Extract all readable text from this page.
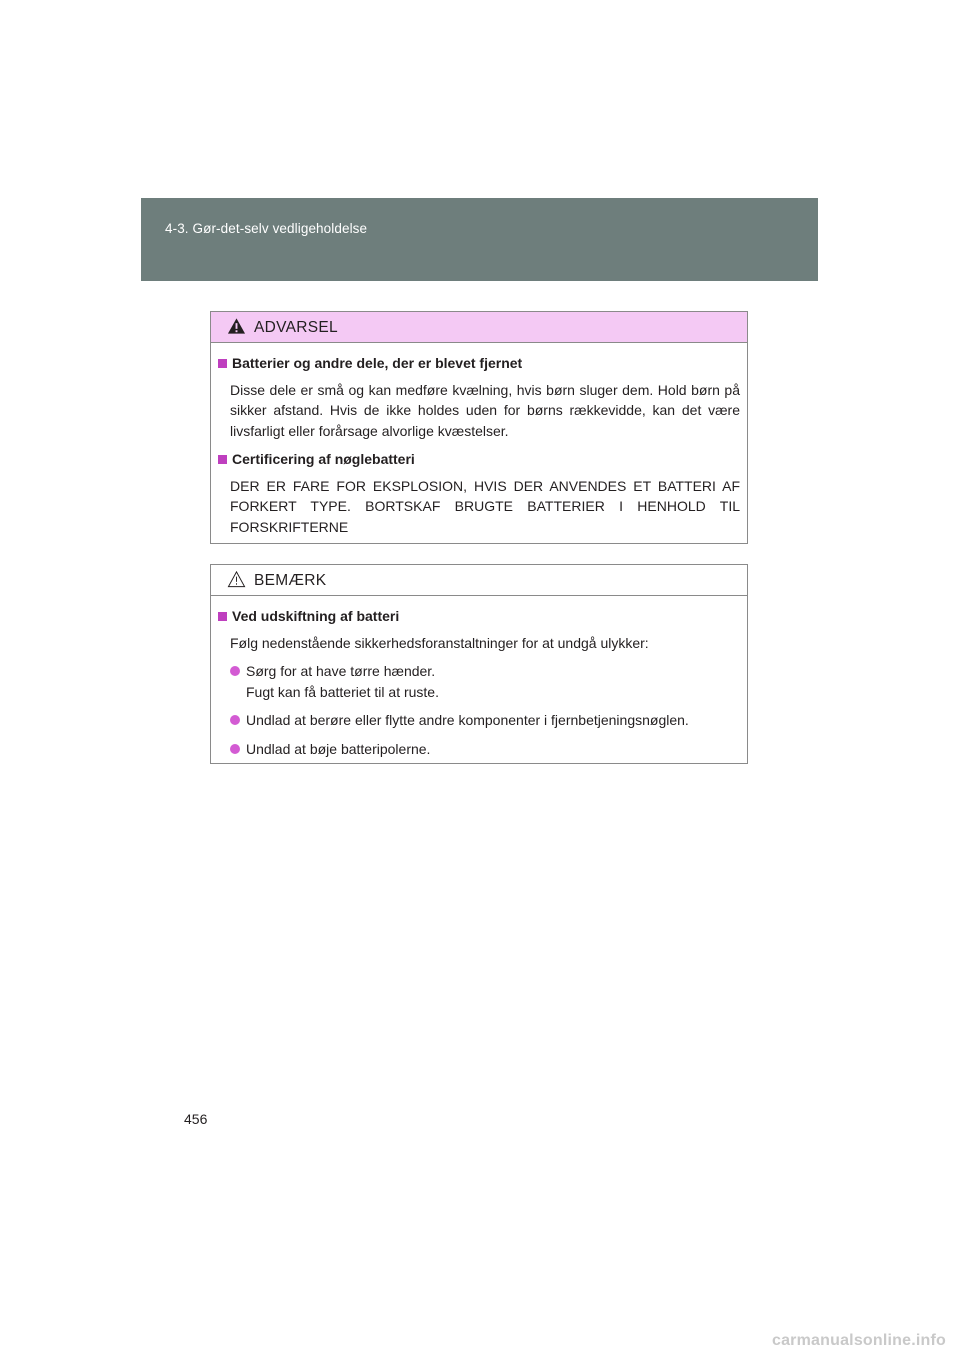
4-3. Gør-det-selv vedligeholdelse
ADVARSEL
Batterier og andre dele, der er blevet fjernet
Disse dele er små og kan medføre kvælning, hvis børn sluger dem. Hold børn på sikker afstand. Hvis de ikke holdes uden for børns rækkevidde, kan det være livsfarligt eller forårsage alvorlige kvæstelser.
Certificering af nøglebatteri
DER ER FARE FOR EKSPLOSION, HVIS DER ANVENDES ET BATTERI AF FORKERT TYPE. BORTSKAF BRUGTE BATTERIER I HENHOLD TIL FORSKRIFTERNE
BEMÆRK
Ved udskiftning af batteri
Følg nedenstående sikkerhedsforanstaltninger for at undgå ulykker:
Sørg for at have tørre hænder.
Fugt kan få batteriet til at ruste.
Undlad at berøre eller flytte andre komponenter i fjernbetjeningsnøglen.
Undlad at bøje batteripolerne.
456
carmanualsonline.info
